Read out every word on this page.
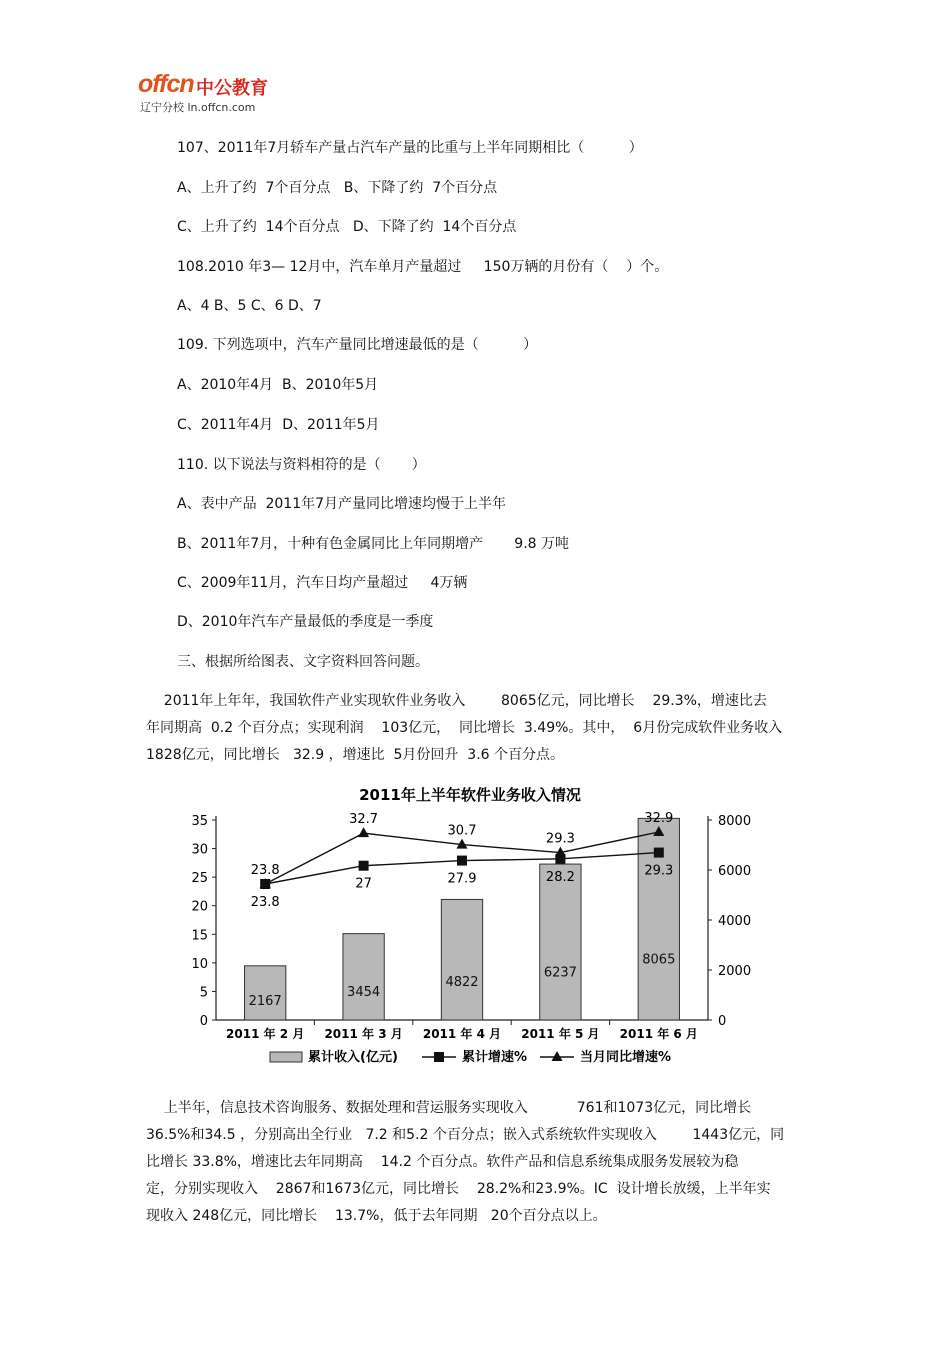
offcn 中公教育
辽宁分校 ln.offcn.com
107、2011年7月轿车产量占汽车产量的比重与上半年同期相比（          ）
A、上升了约  7个百分点   B、下降了约  7个百分点
C、上升了约  14个百分点   D、下降了约  14个百分点
108.2010 年3— 12月中，汽车单月产量超过     150万辆的月份有（    ）个。
A、4 B、5 C、6 D、7
109. 下列选项中，汽车产量同比增速最低的是（          ）
A、2010年4月  B、2010年5月
C、2011年4月  D、2011年5月
110. 以下说法与资料相符的是（       ）
A、表中产品  2011年7月产量同比增速均慢于上半年
B、2011年7月，十种有色金属同比上年同期增产       9.8 万吨
C、2009年11月，汽车日均产量超过     4万辆
D、2010年汽车产量最低的季度是一季度
三、根据所给图表、文字资料回答问题。

2011年上年年，我国软件产业实现软件业务收入        8065亿元，同比增长    29.3%，增速比去

年同期高  0.2 个百分点；实现利润    103亿元，  同比增长  3.49%。其中，  6月份完成软件业务收入

1828亿元，同比增长   32.9 ，增速比  5月份回升  3.6 个百分点。

2011年上半年软件业务收入情况
0
5
10
15
20
25
30
35
0
2000
4000
6000
8000
2011 年 2 月 2011 年 3 月 2011 年 4 月 2011 年 5 月 2011 年 6 月
2167
3454
4822
6237
8065
23.8
27	27.9	28.2	29.3
23.8
32.7
30.7
29.3
32.9
累计收入(亿元)	累计增速%	当月同比增速%

上半年，信息技术咨询服务、数据处理和营运服务实现收入           761和1073亿元，同比增长

36.5%和34.5 ，分别高出全行业   7.2 和5.2 个百分点；嵌入式系统软件实现收入        1443亿元，同

比增长 33.8%，增速比去年同期高    14.2 个百分点。软件产品和信息系统集成服务发展较为稳

定，分别实现收入    2867和1673亿元，同比增长    28.2%和23.9%。IC  设计增长放缓，上半年实

现收入 248亿元，同比增长    13.7%，低于去年同期   20个百分点以上。
